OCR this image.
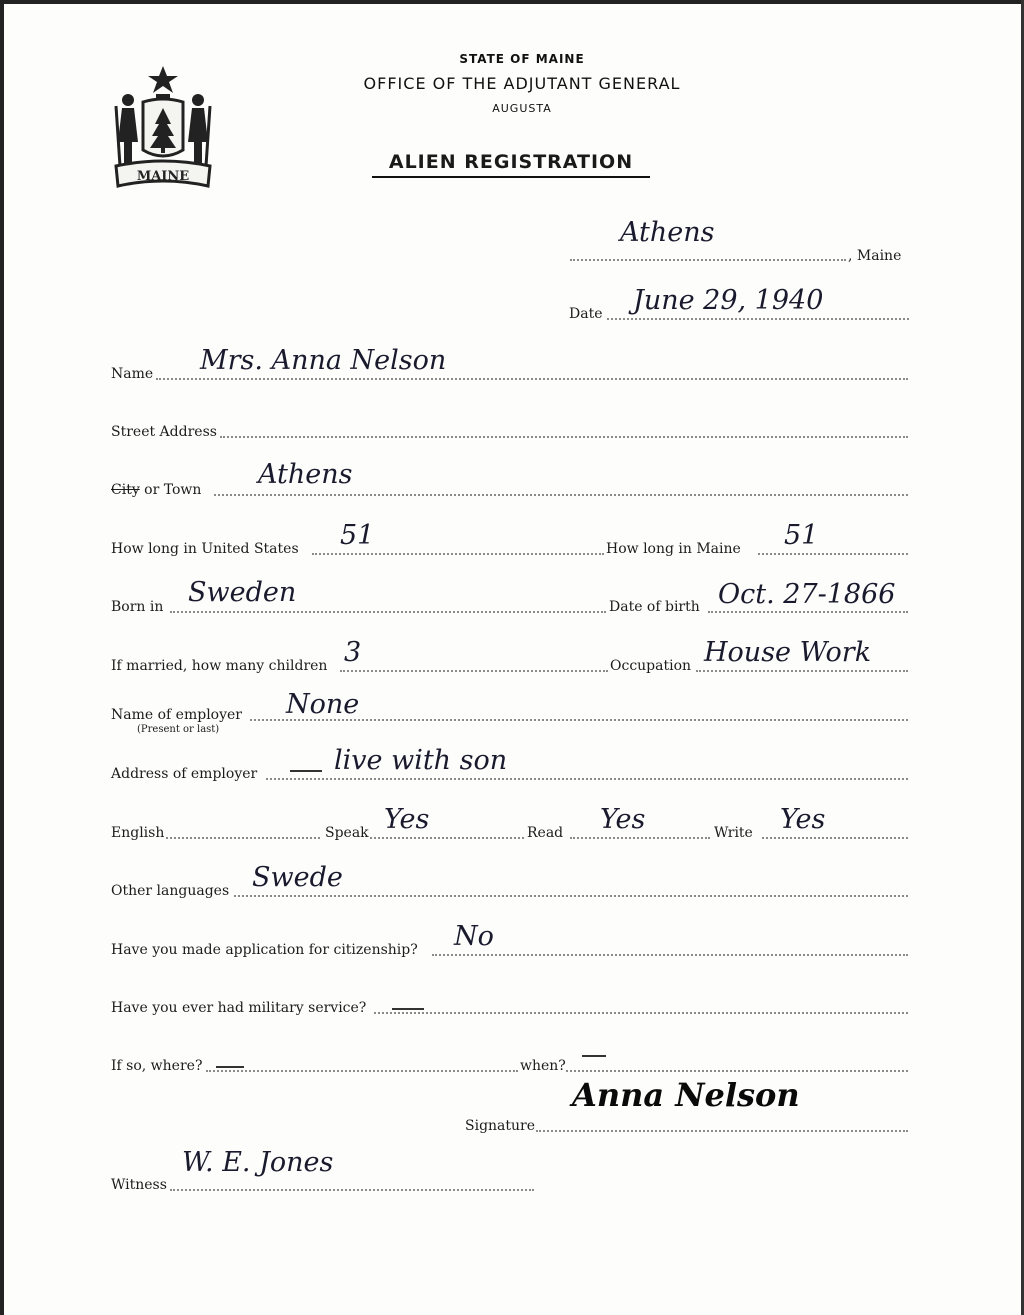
MAINE
STATE OF MAINE
OFFICE OF THE ADJUTANT GENERAL
AUGUSTA
ALIEN REGISTRATION
Athens
, Maine
Date June 29, 1940
Name Mrs. Anna Nelson
Street Address
City or Town Athens
How long in United States 51	How long in Maine 51
Born in Sweden	Date of birth Oct. 27-1866
If married, how many children 3	Occupation House Work
Name of employer
(Present or last)
None
Address of employer	live with son
English	Speak Yes	Read Yes	Write Yes
Other languages Swede
Have you made application for citizenship? No
Have you ever had military service?
If so, where?	when?
Signature
Anna Nelson
Witness
W. E. Jones
